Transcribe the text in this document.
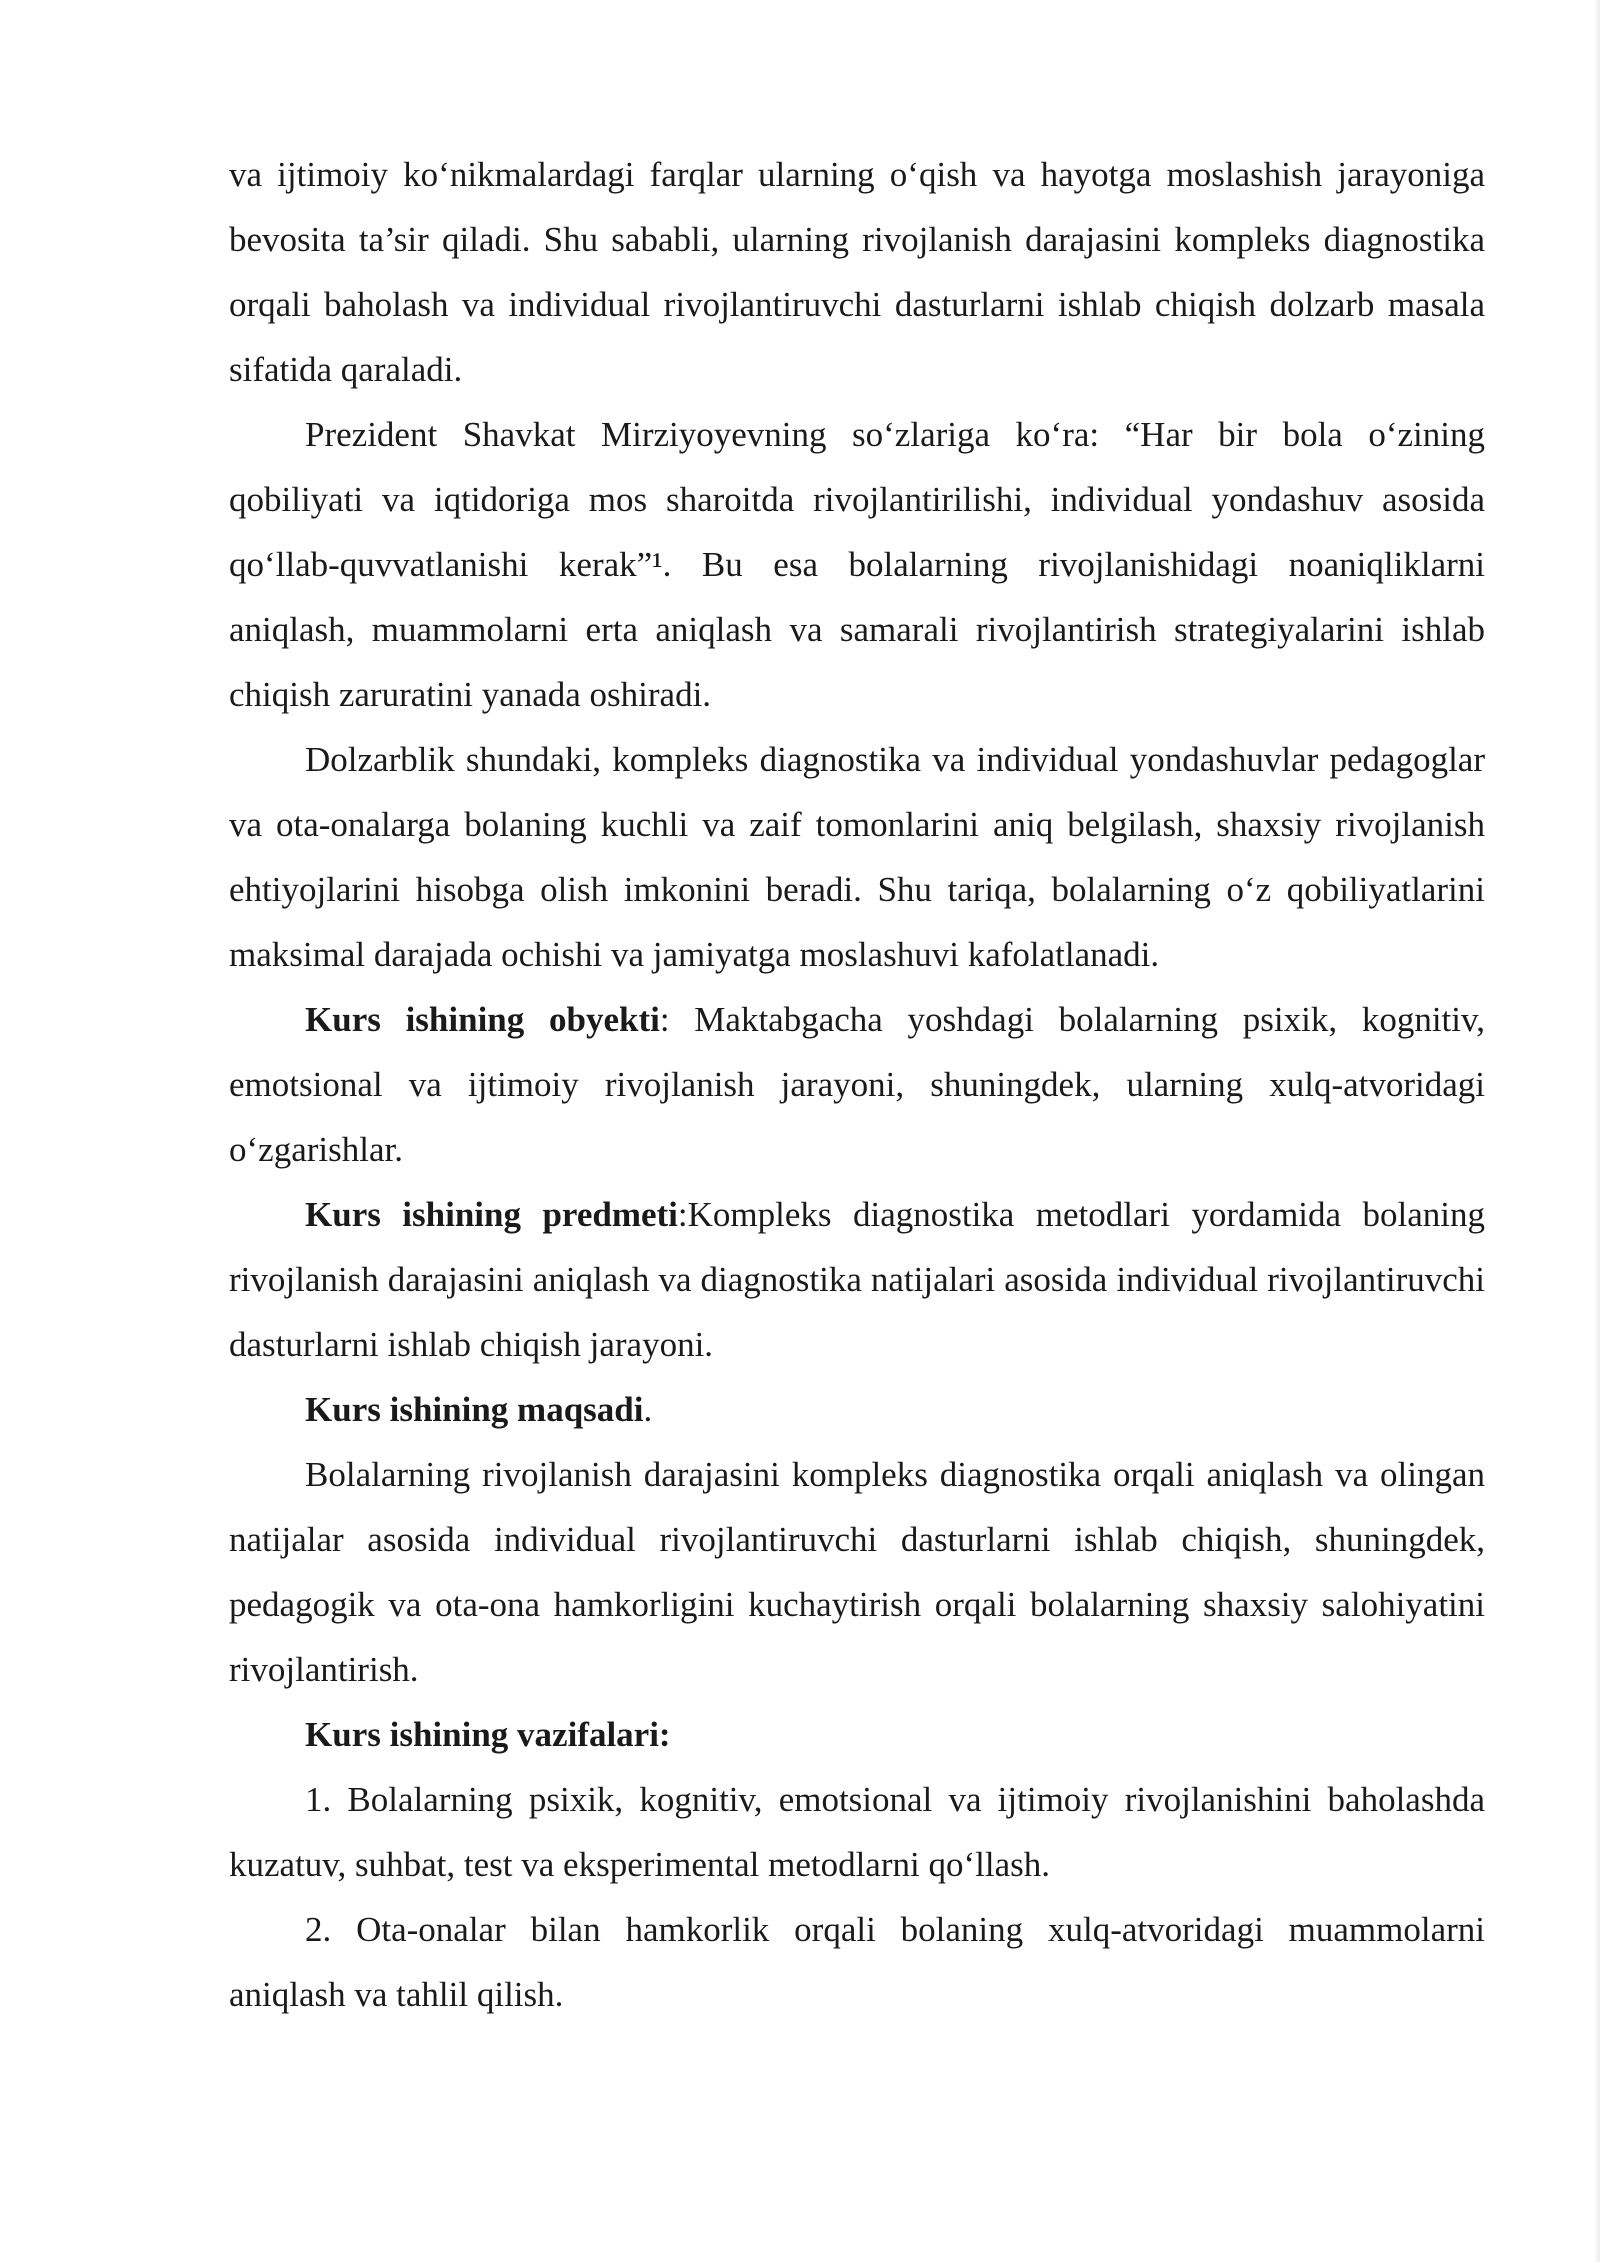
va ijtimoiy ko‘nikmalardagi farqlar ularning o‘qish va hayotga moslashish jarayoniga bevosita ta’sir qiladi. Shu sababli, ularning rivojlanish darajasini kompleks diagnostika orqali baholash va individual rivojlantiruvchi dasturlarni ishlab chiqish dolzarb masala sifatida qaraladi.

Prezident Shavkat Mirziyoyevning so‘zlariga ko‘ra: “Har bir bola o‘zining qobiliyati va iqtidoriga mos sharoitda rivojlantirilishi, individual yondashuv asosida qo‘llab-quvvatlanishi kerak”¹. Bu esa bolalarning rivojlanishidagi noaniqliklarni aniqlash, muammolarni erta aniqlash va samarali rivojlantirish strategiyalarini ishlab chiqish zaruratini yanada oshiradi.

Dolzarblik shundaki, kompleks diagnostika va individual yondashuvlar pedagoglar va ota-onalarga bolaning kuchli va zaif tomonlarini aniq belgilash, shaxsiy rivojlanish ehtiyojlarini hisobga olish imkonini beradi. Shu tariqa, bolalarning o‘z qobiliyatlarini maksimal darajada ochishi va jamiyatga moslashuvi kafolatlanadi.

Kurs ishining obyekti: Maktabgacha yoshdagi bolalarning psixik, kognitiv, emotsional va ijtimoiy rivojlanish jarayoni, shuningdek, ularning xulq-atvoridagi o‘zgarishlar.

Kurs ishining predmeti:Kompleks diagnostika metodlari yordamida bolaning rivojlanish darajasini aniqlash va diagnostika natijalari asosida individual rivojlantiruvchi dasturlarni ishlab chiqish jarayoni.

Kurs ishining maqsadi.

Bolalarning rivojlanish darajasini kompleks diagnostika orqali aniqlash va olingan natijalar asosida individual rivojlantiruvchi dasturlarni ishlab chiqish, shuningdek, pedagogik va ota-ona hamkorligini kuchaytirish orqali bolalarning shaxsiy salohiyatini rivojlantirish.

Kurs ishining vazifalari:

1. Bolalarning psixik, kognitiv, emotsional va ijtimoiy rivojlanishini baholashda kuzatuv, suhbat, test va eksperimental metodlarni qo‘llash.

2. Ota-onalar bilan hamkorlik orqali bolaning xulq-atvoridagi muammolarni aniqlash va tahlil qilish.
